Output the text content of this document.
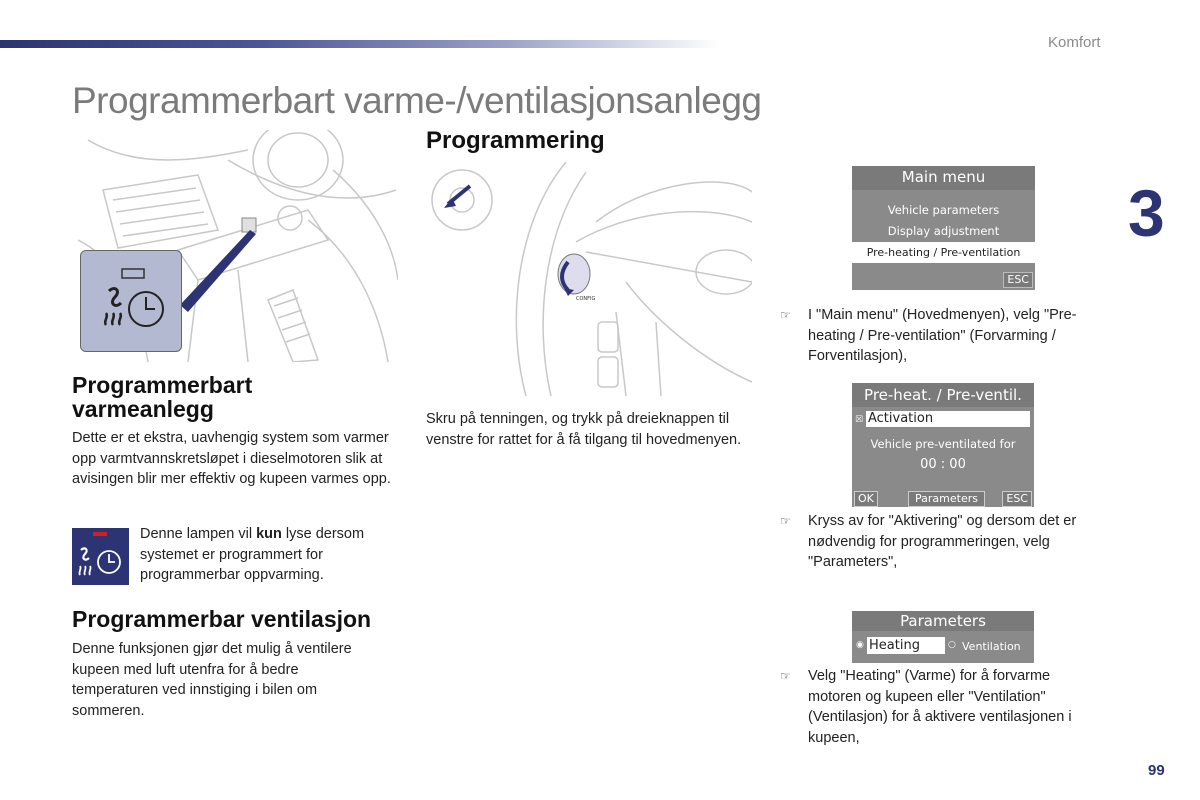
Komfort
3
Programmerbart varme-/ventilasjonsanlegg
Programmerbart varmeanlegg
Dette er et ekstra, uavhengig system som varmer opp varmtvannskretsløpet i dieselmotoren slik at avisingen blir mer effektiv og kupeen varmes opp.
Denne lampen vil kun lyse dersom systemet er programmert for programmerbar oppvarming.
Programmerbar ventilasjon
Denne funksjonen gjør det mulig å ventilere kupeen med luft utenfra for å bedre temperaturen ved innstiging i bilen om sommeren.
Programmering
CONFIG
Skru på tenningen, og trykk på dreieknappen til venstre for rattet for å få tilgang til hovedmenyen.
Main menu
Vehicle parameters
Display adjustment
Pre-heating / Pre-ventilation
ESC
☞ I "Main menu" (Hovedmenyen), velg "Pre-heating / Pre-ventilation" (Forvarming / Forventilasjon),
Pre-heat. / Pre-ventil.
☒ Activation
Vehicle pre-ventilated for
00 : 00
OK	Parameters	ESC
☞ Kryss av for "Aktivering" og dersom det er nødvendig for programmeringen, velg "Parameters",
Parameters
◉ Heating	○ Ventilation
☞ Velg "Heating" (Varme) for å forvarme motoren og kupeen eller "Ventilation" (Ventilasjon) for å aktivere ventilasjonen i kupeen,
99
